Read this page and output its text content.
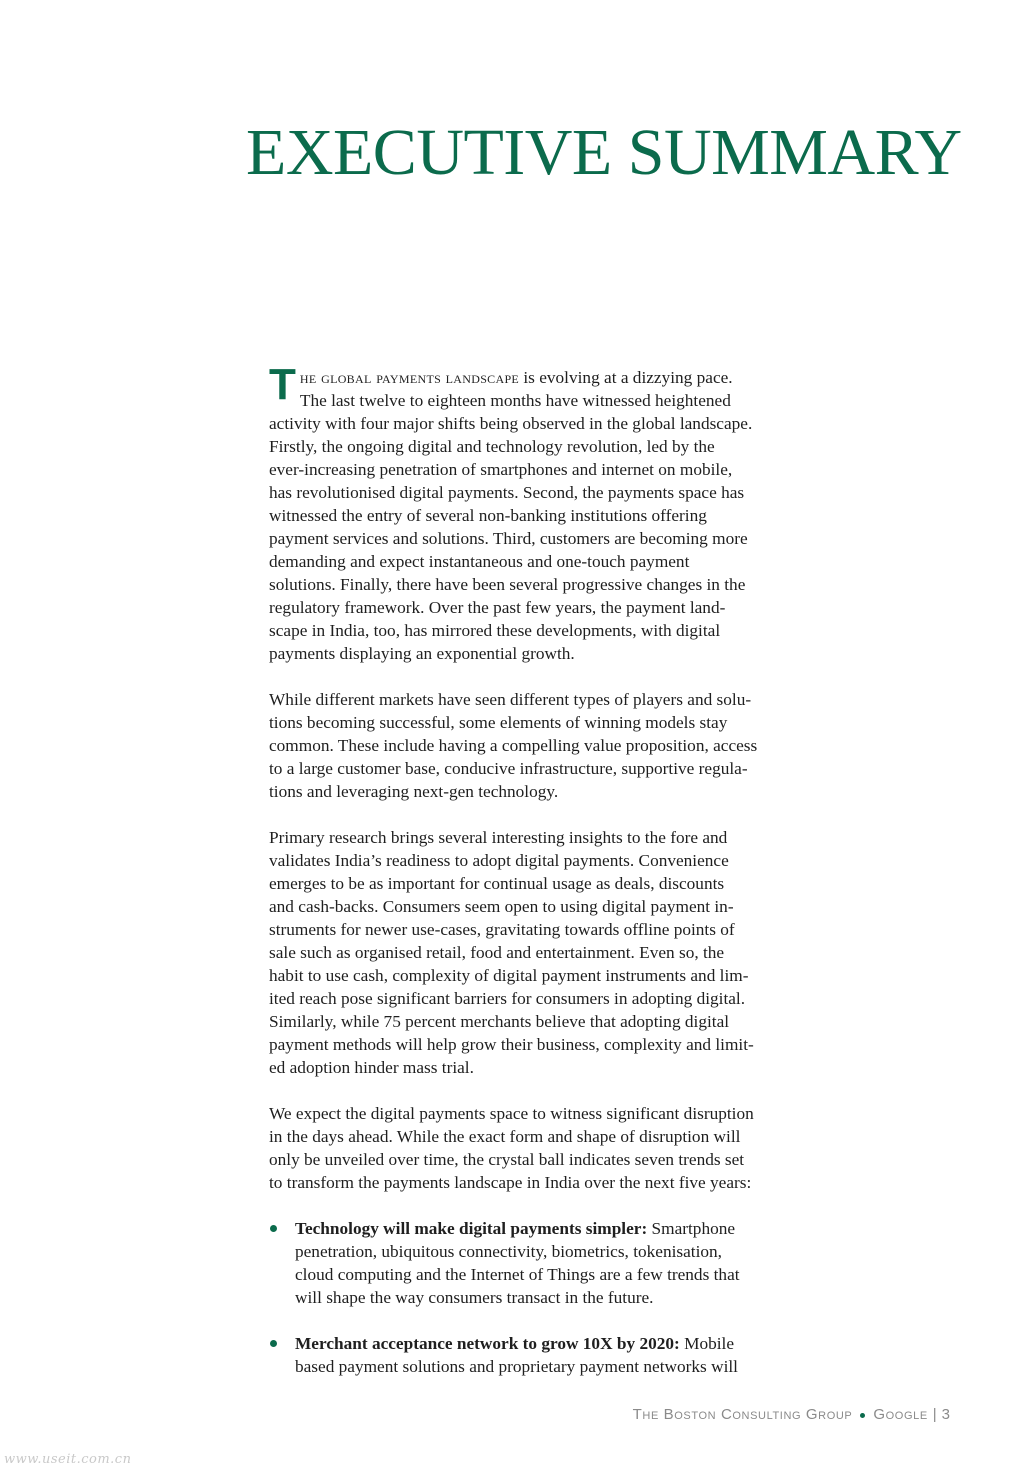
EXECUTIVE SUMMARY

T he global payments landscape is evolving at a dizzying pace.
The last twelve to eighteen months have witnessed heightened
activity with four major shifts being observed in the global landscape.
Firstly, the ongoing digital and technology revolution, led by the
ever-increasing penetration of smartphones and internet on mobile,
has revolutionised digital payments. Second, the payments space has
witnessed the entry of several non-banking institutions offering
payment services and solutions. Third, customers are becoming more
demanding and expect instantaneous and one-touch payment
solutions. Finally, there have been several progressive changes in the
regulatory framework. Over the past few years, the payment land-
scape in India, too, has mirrored these developments, with digital
payments displaying an exponential growth.

While different markets have seen different types of players and solu-
tions becoming successful, some elements of winning models stay
common. These include having a compelling value proposition, access
to a large customer base, conducive infrastructure, supportive regula-
tions and leveraging next-gen technology.

Primary research brings several interesting insights to the fore and
validates India’s readiness to adopt digital payments. Convenience
emerges to be as important for continual usage as deals, discounts
and cash-backs. Consumers seem open to using digital payment in-
struments for newer use-cases, gravitating towards offline points of
sale such as organised retail, food and entertainment. Even so, the
habit to use cash, complexity of digital payment instruments and lim-
ited reach pose significant barriers for consumers in adopting digital.
Similarly, while 75 percent merchants believe that adopting digital
payment methods will help grow their business, complexity and limit-
ed adoption hinder mass trial.

We expect the digital payments space to witness significant disruption
in the days ahead. While the exact form and shape of disruption will
only be unveiled over time, the crystal ball indicates seven trends set
to transform the payments landscape in India over the next five years:

Technology will make digital payments simpler: Smartphone
penetration, ubiquitous connectivity, biometrics, tokenisation,
cloud computing and the Internet of Things are a few trends that
will shape the way consumers transact in the future.
Merchant acceptance network to grow 10X by 2020: Mobile
based payment solutions and proprietary payment networks will
The Boston Consulting Group Google | 3
www.useit.com.cn
